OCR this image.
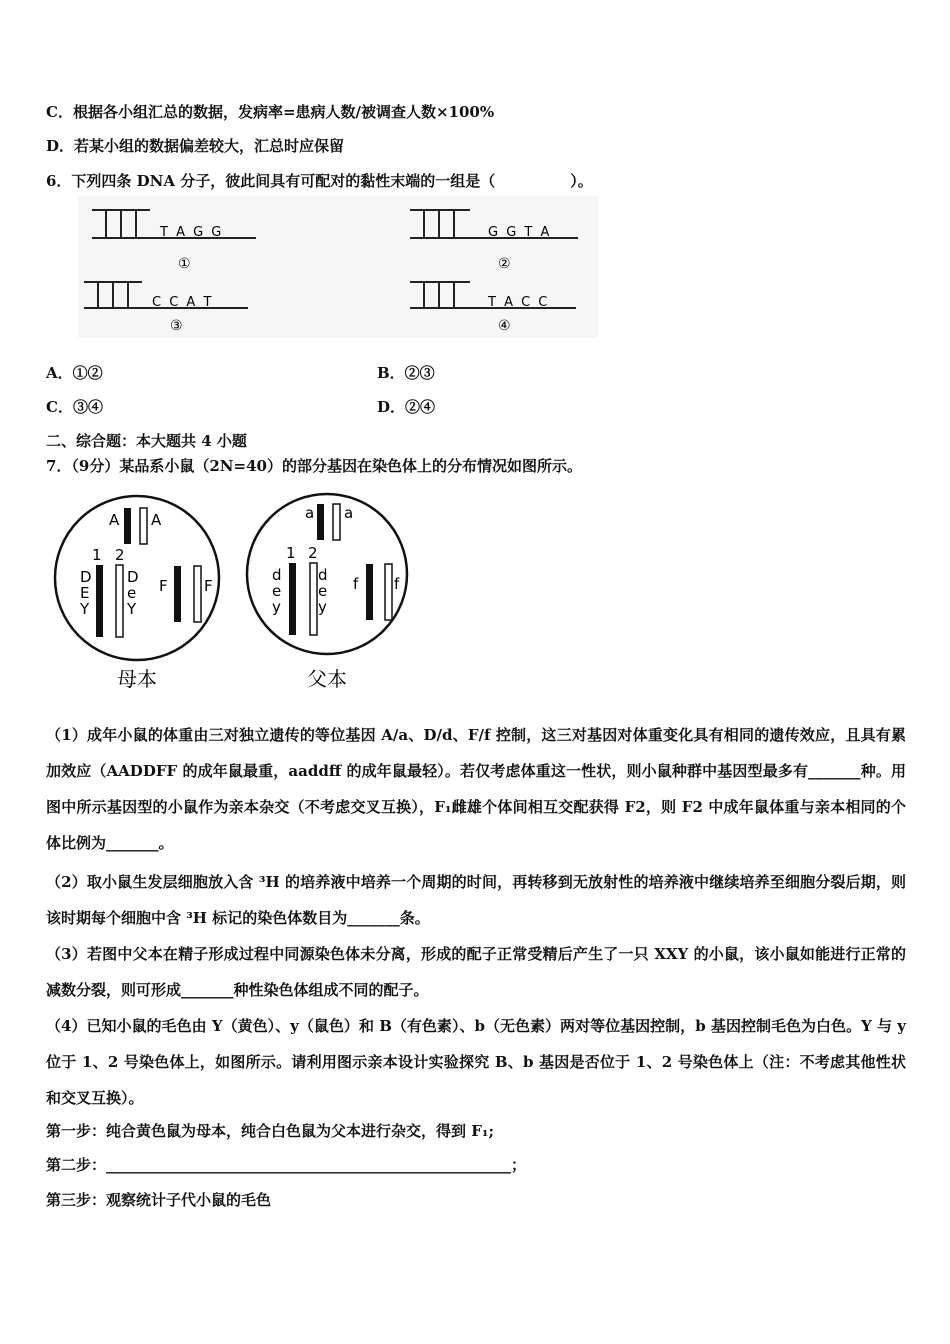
C．根据各小组汇总的数据，发病率=患病人数/被调查人数×100%
D．若某小组的数据偏差较大，汇总时应保留
6．下列四条 DNA 分子，彼此间具有可配对的黏性末端的一组是（　　　　　）。
T A G G
①
G G T A
②
C C A T
③
T A C C
④
A．①②	B．②③
C．③④	D．②④
二、综合题：本大题共 4 小题
7．（9分）某品系小鼠（2N=40）的部分基因在染色体上的分布情况如图所示。
A A
1 2
D
E
Y
D
e
Y
F F
母本
a a
1 2
d
e
y
d
e
y
f f
父本
（1）成年小鼠的体重由三对独立遗传的等位基因 A/a、D/d、F/f 控制，这三对基因对体重变化具有相同的遗传效应，且具有累加效应（AADDFF 的成年鼠最重，aaddff 的成年鼠最轻）。若仅考虑体重这一性状，则小鼠种群中基因型最多有_______种。用图中所示基因型的小鼠作为亲本杂交（不考虑交叉互换），F₁雌雄个体间相互交配获得 F2，则 F2 中成年鼠体重与亲本相同的个体比例为_______。
（2）取小鼠生发层细胞放入含 ³H 的培养液中培养一个周期的时间，再转移到无放射性的培养液中继续培养至细胞分裂后期，则该时期每个细胞中含 ³H 标记的染色体数目为_______条。
（3）若图中父本在精子形成过程中同源染色体未分离，形成的配子正常受精后产生了一只 XXY 的小鼠，该小鼠如能进行正常的减数分裂，则可形成_______种性染色体组成不同的配子。
（4）已知小鼠的毛色由 Y（黄色）、y（鼠色）和 B（有色素）、b（无色素）两对等位基因控制，b 基因控制毛色为白色。Y 与 y 位于 1、2 号染色体上，如图所示。请利用图示亲本设计实验探究 B、b 基因是否位于 1、2 号染色体上（注：不考虑其他性状和交叉互换）。
第一步：纯合黄色鼠为母本，纯合白色鼠为父本进行杂交，得到 F₁;
第二步：______________________________________________________；
第三步：观察统计子代小鼠的毛色
